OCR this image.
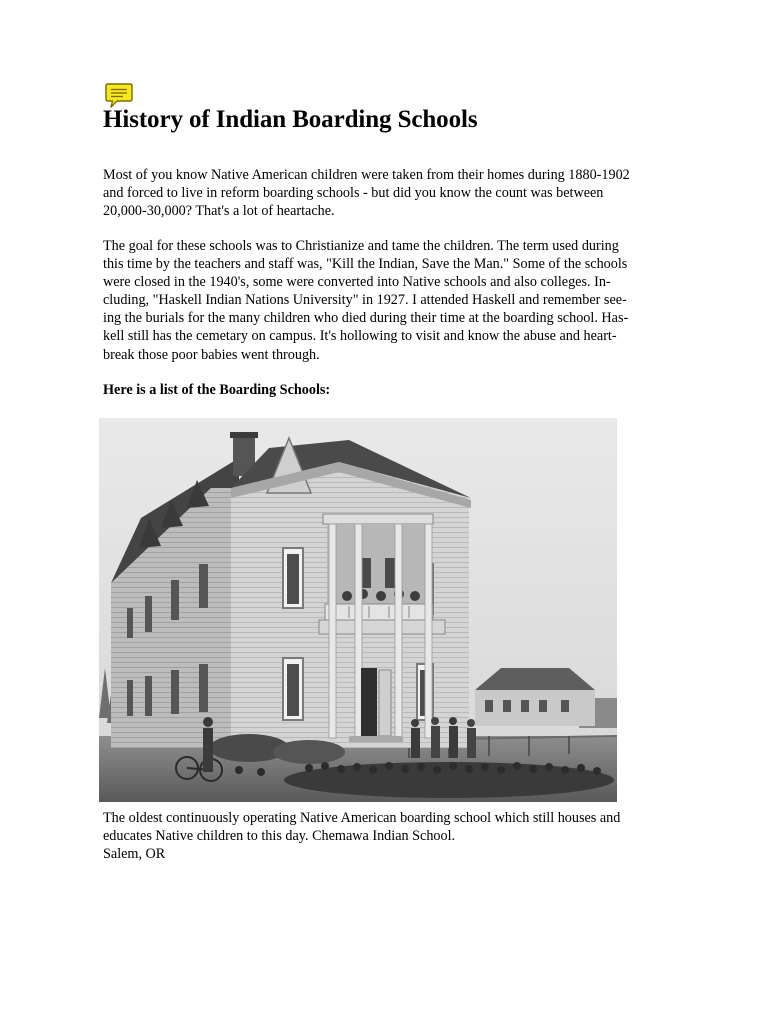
History of Indian Boarding Schools
Most of you know Native American children were taken from their homes during 1880-1902
and forced to live in reform boarding schools - but did you know the count was between
20,000-30,000? That's a lot of heartache.
The goal for these schools was to Christianize and tame the children. The term used during
this time by the teachers and staff was, "Kill the Indian, Save the Man." Some of the schools
were closed in the 1940's, some were converted into Native schools and also colleges. In-
cluding, "Haskell Indian Nations University" in 1927. I attended Haskell and remember see-
ing the burials for the many children who died during their time at the boarding school. Has-
kell still has the cemetary on campus. It's hollowing to visit and know the abuse and heart-
break those poor babies went through.
Here is a list of the Boarding Schools:

The oldest continuously operating Native American boarding school which still houses and
educates Native children to this day. Chemawa Indian School.
Salem, OR
